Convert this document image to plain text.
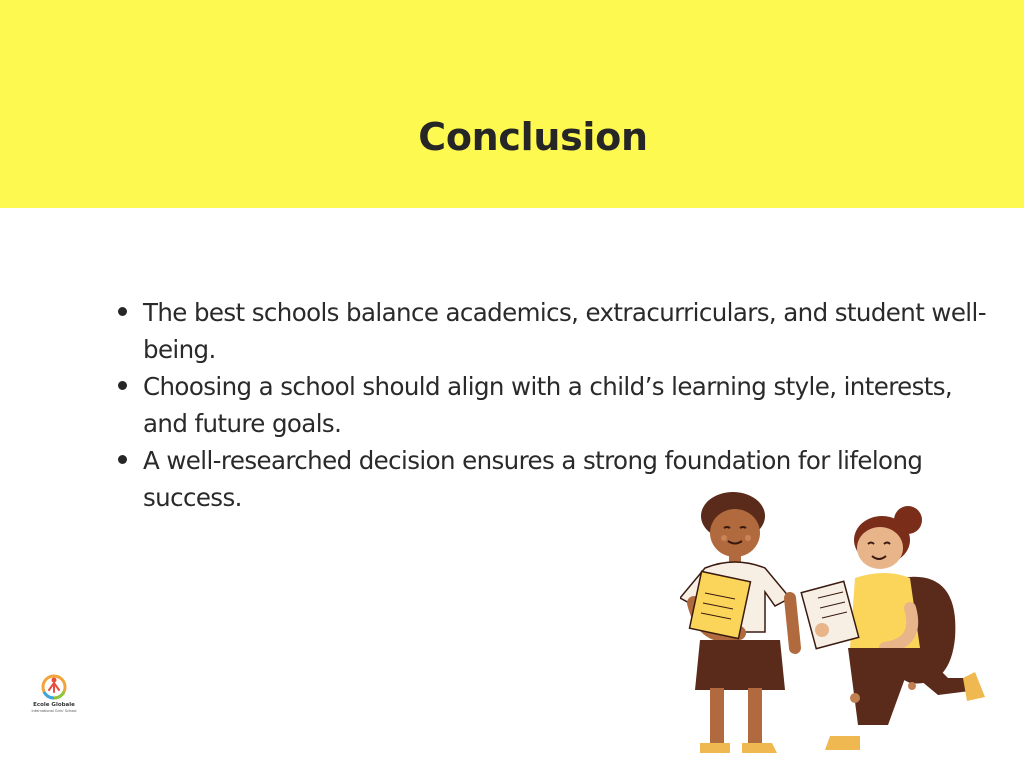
Conclusion
The best schools balance academics, extracurriculars, and student well-being.
Choosing a school should align with a child’s learning style, interests, and future goals.
A well-researched decision ensures a strong foundation for lifelong success.
Ecole Globale
International Girls' School
